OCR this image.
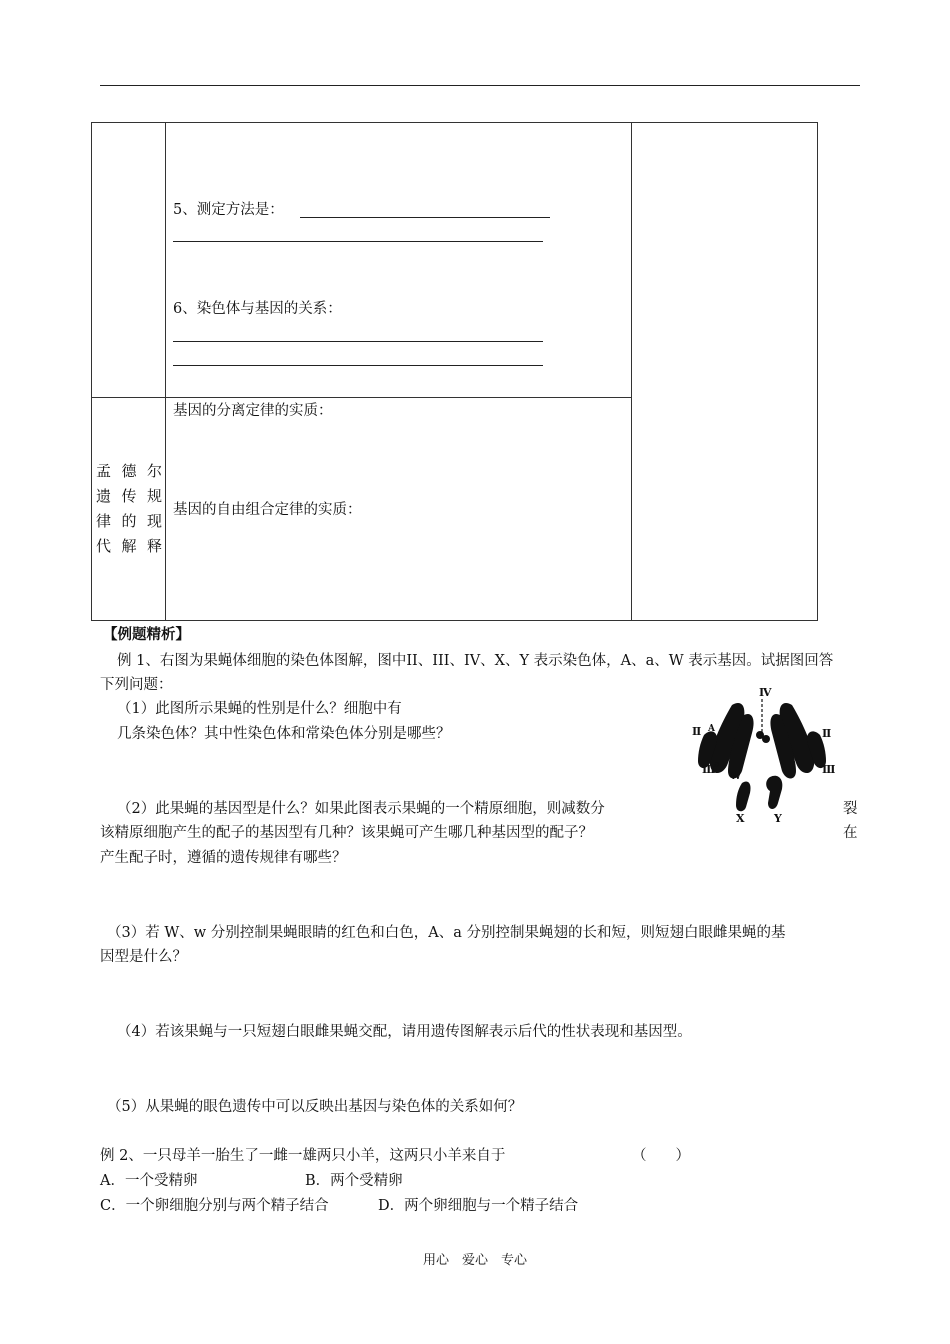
5、测定方法是：
6、染色体与基因的关系：
孟德尔
遗传规
律的现
代解释
基因的分离定律的实质：
基因的自由组合定律的实质：
【例题精析】
例 1、右图为果蝇体细胞的染色体图解，图中II、III、IV、X、Y 表示染色体，A、a、W 表示基因。试据图回答
下列问题：
（1）此图所示果蝇的性别是什么？细胞中有
几条染色体？其中性染色体和常染色体分别是哪些？
（2）此果蝇的基因型是什么？如果此图表示果蝇的一个精原细胞，则减数分	裂
该精原细胞产生的配子的基因型有几种？该果蝇可产生哪几种基因型的配子？	在
产生配子时，遵循的遗传规律有哪些？
（3）若 W、w 分别控制果蝇眼睛的红色和白色，A、a 分别控制果蝇翅的长和短，则短翅白眼雌果蝇的基
因型是什么？
（4）若该果蝇与一只短翅白眼雌果蝇交配，请用遗传图解表示后代的性状表现和基因型。
（5）从果蝇的眼色遗传中可以反映出基因与染色体的关系如何？
例 2、一只母羊一胎生了一雌一雄两只小羊，这两只小羊来自于	（　　）
A．一个受精卵	B．两个受精卵
C．一个卵细胞分别与两个精子结合	D．两个卵细胞与一个精子结合
Ⅳ
Ⅱ A	Ⅱ
Ⅲ
a	Ⅲ
W
X	Y
用心　爱心　专心
